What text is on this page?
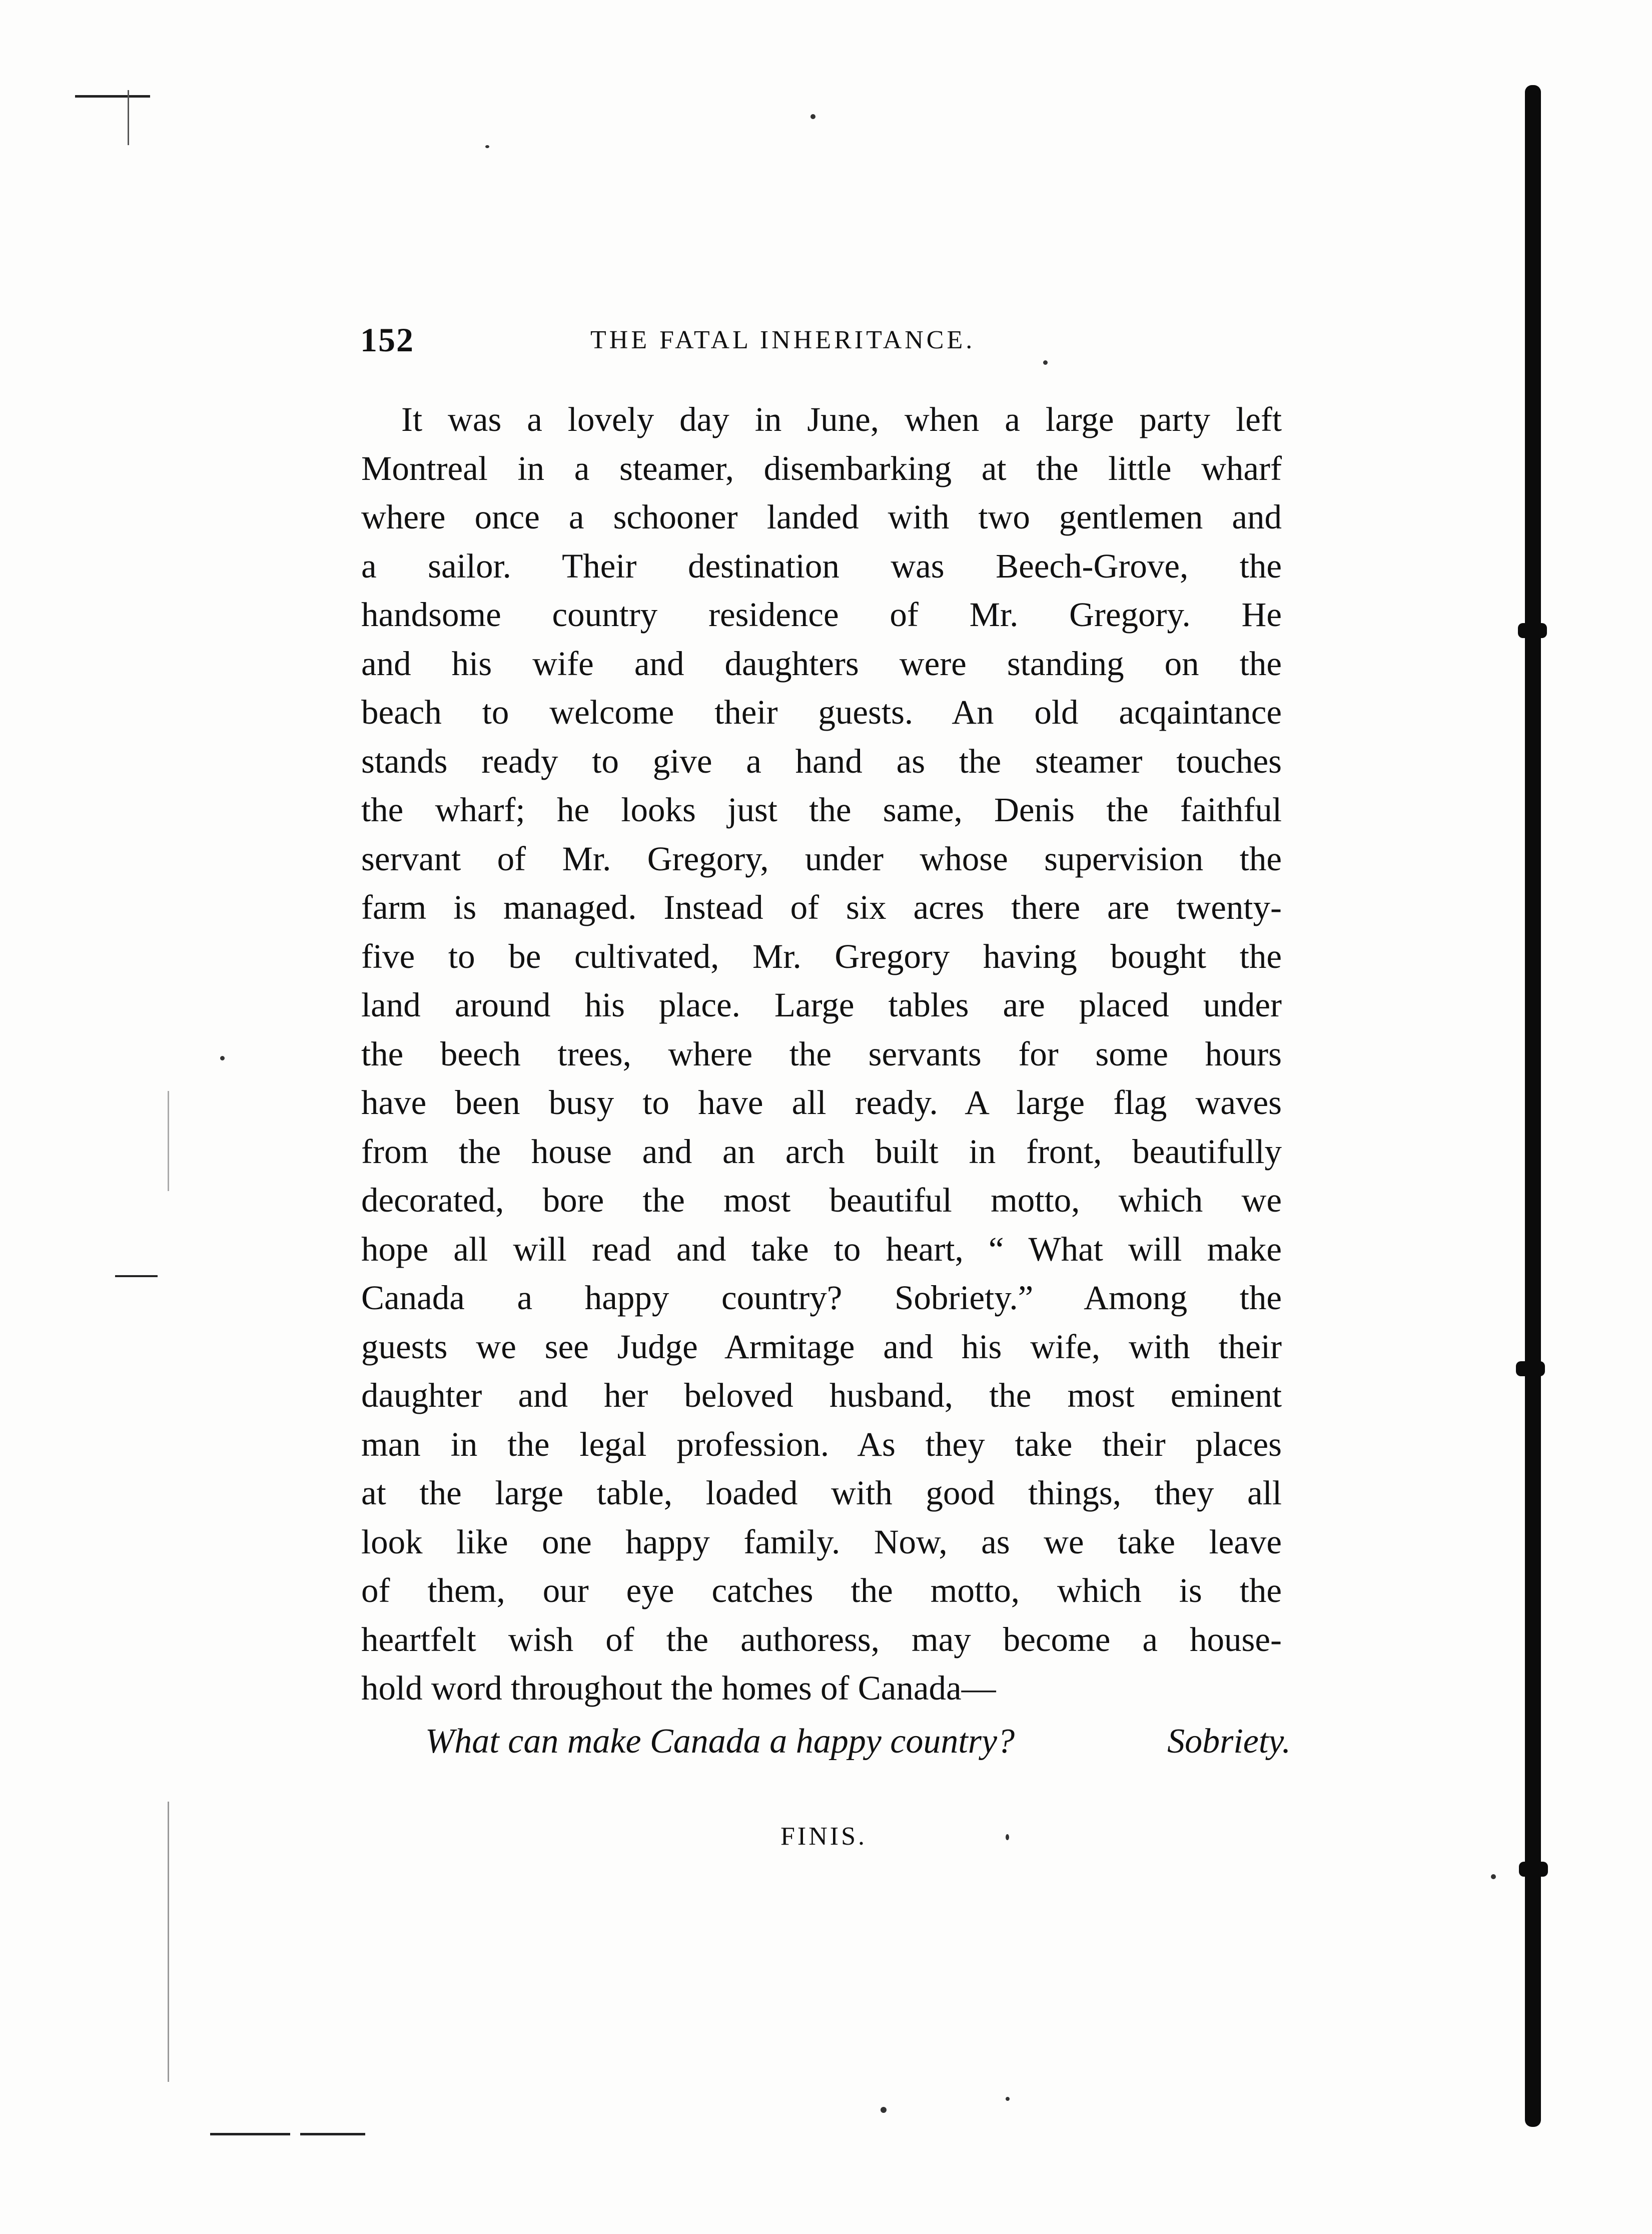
152	THE FATAL INHERITANCE.
It was a lovely day in June, when a large party left
Montreal in a steamer, disembarking at the little wharf
where once a schooner landed with two gentlemen and
a sailor. Their destination was Beech-Grove, the
handsome country residence of Mr. Gregory. He
and his wife and daughters were standing on the
beach to welcome their guests. An old acqaintance
stands ready to give a hand as the steamer touches
the wharf; he looks just the same, Denis the faithful
servant of Mr. Gregory, under whose supervision the
farm is managed. Instead of six acres there are twenty-
five to be cultivated, Mr. Gregory having bought the
land around his place. Large tables are placed under
the beech trees, where the servants for some hours
have been busy to have all ready. A large flag waves
from the house and an arch built in front, beautifully
decorated, bore the most beautiful motto, which we
hope all will read and take to heart, “ What will make
Canada a happy country? Sobriety.” Among the
guests we see Judge Armitage and his wife, with their
daughter and her beloved husband, the most eminent
man in the legal profession. As they take their places
at the large table, loaded with good things, they all
look like one happy family. Now, as we take leave
of them, our eye catches the motto, which is the
heartfelt wish of the authoress, may become a house-
hold word throughout the homes of Canada—
What can make Canada a happy country?	Sobriety.
FINIS.
